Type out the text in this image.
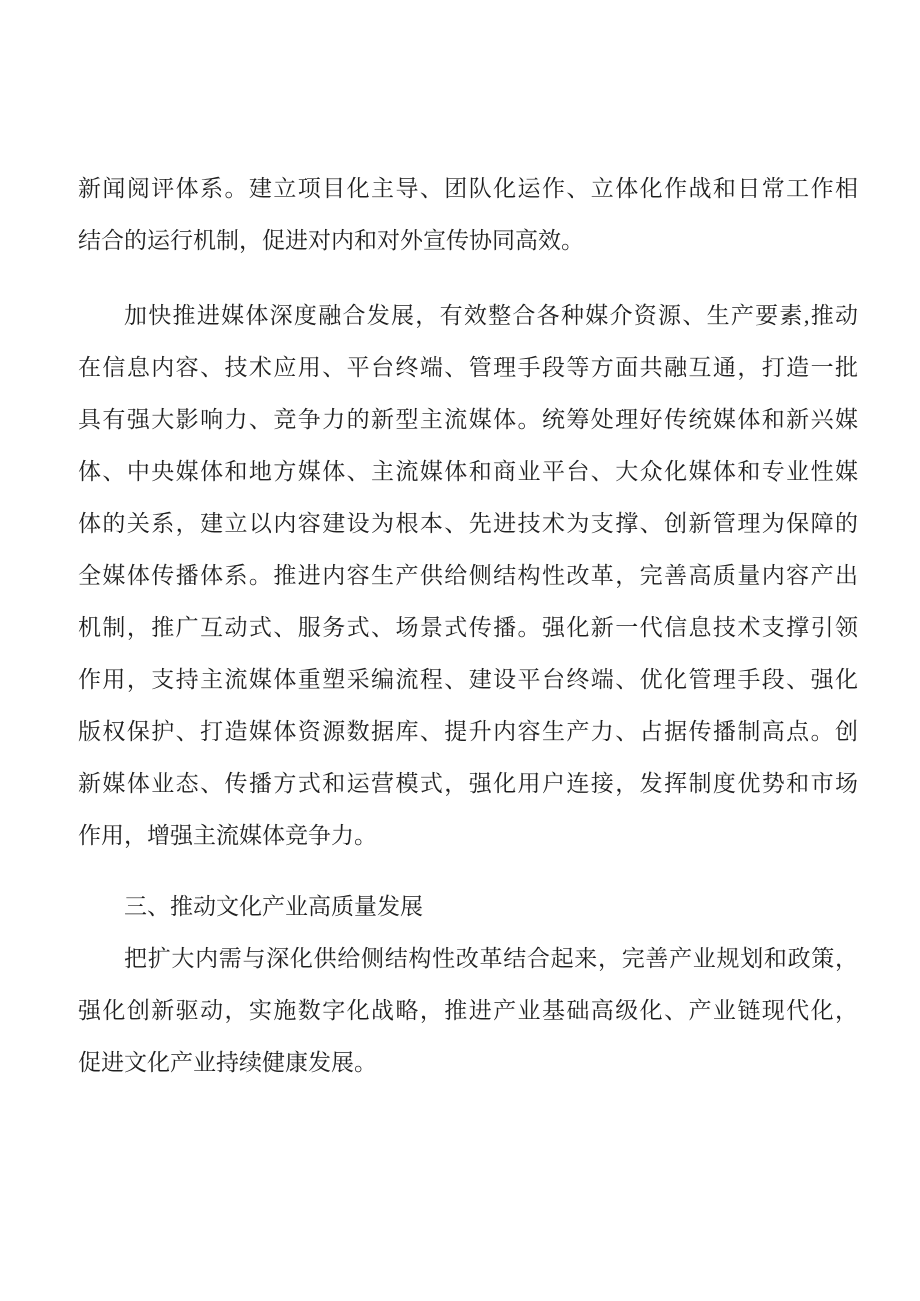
新闻阅评体系。建立项目化主导、团队化运作、立体化作战和日常工作相
结合的运行机制，促进对内和对外宣传协同高效。
加快推进媒体深度融合发展，有效整合各种媒介资源、生产要素,推动
在信息内容、技术应用、平台终端、管理手段等方面共融互通，打造一批
具有强大影响力、竞争力的新型主流媒体。统筹处理好传统媒体和新兴媒
体、中央媒体和地方媒体、主流媒体和商业平台、大众化媒体和专业性媒
体的关系，建立以内容建设为根本、先进技术为支撑、创新管理为保障的
全媒体传播体系。推进内容生产供给侧结构性改革，完善高质量内容产出
机制，推广互动式、服务式、场景式传播。强化新一代信息技术支撑引领
作用，支持主流媒体重塑采编流程、建设平台终端、优化管理手段、强化
版权保护、打造媒体资源数据库、提升内容生产力、占据传播制高点。创
新媒体业态、传播方式和运营模式，强化用户连接，发挥制度优势和市场
作用，增强主流媒体竞争力。
三、推动文化产业高质量发展
把扩大内需与深化供给侧结构性改革结合起来，完善产业规划和政策，
强化创新驱动，实施数字化战略，推进产业基础高级化、产业链现代化，
促进文化产业持续健康发展。
